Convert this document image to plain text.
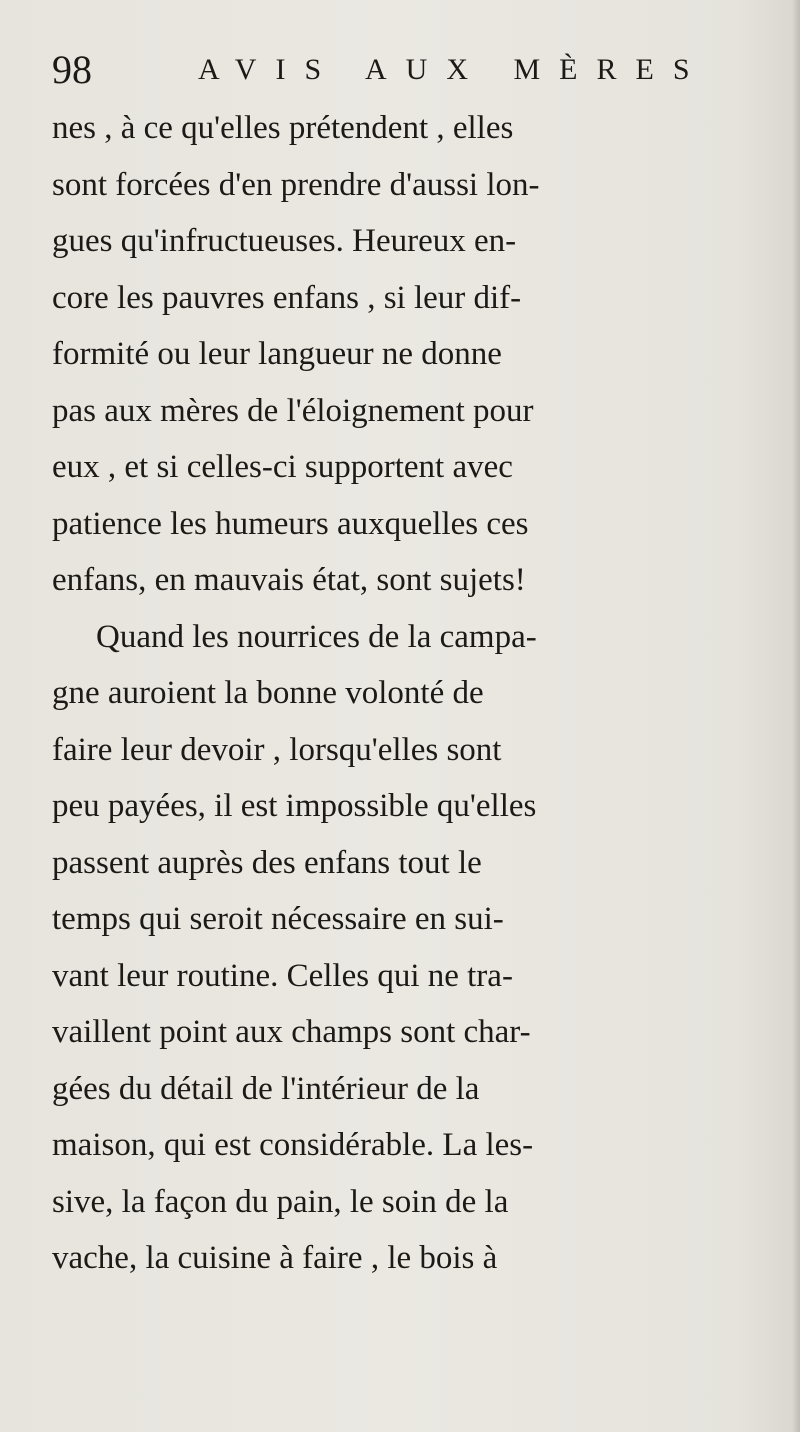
98	AVIS AUX MÈRES
nes , à ce qu'elles prétendent , elles
sont forcées d'en prendre d'aussi lon-
gues qu'infructueuses. Heureux en-
core les pauvres enfans , si leur dif-
formité ou leur langueur ne donne
pas aux mères de l'éloignement pour
eux , et si celles-ci supportent avec
patience les humeurs auxquelles ces
enfans, en mauvais état, sont sujets!
Quand les nourrices de la campa-
gne auroient la bonne volonté de
faire leur devoir , lorsqu'elles sont
peu payées, il est impossible qu'elles
passent auprès des enfans tout le
temps qui seroit nécessaire en sui-
vant leur routine. Celles qui ne tra-
vaillent point aux champs sont char-
gées du détail de l'intérieur de la
maison, qui est considérable. La les-
sive, la façon du pain, le soin de la
vache, la cuisine à faire , le bois à
